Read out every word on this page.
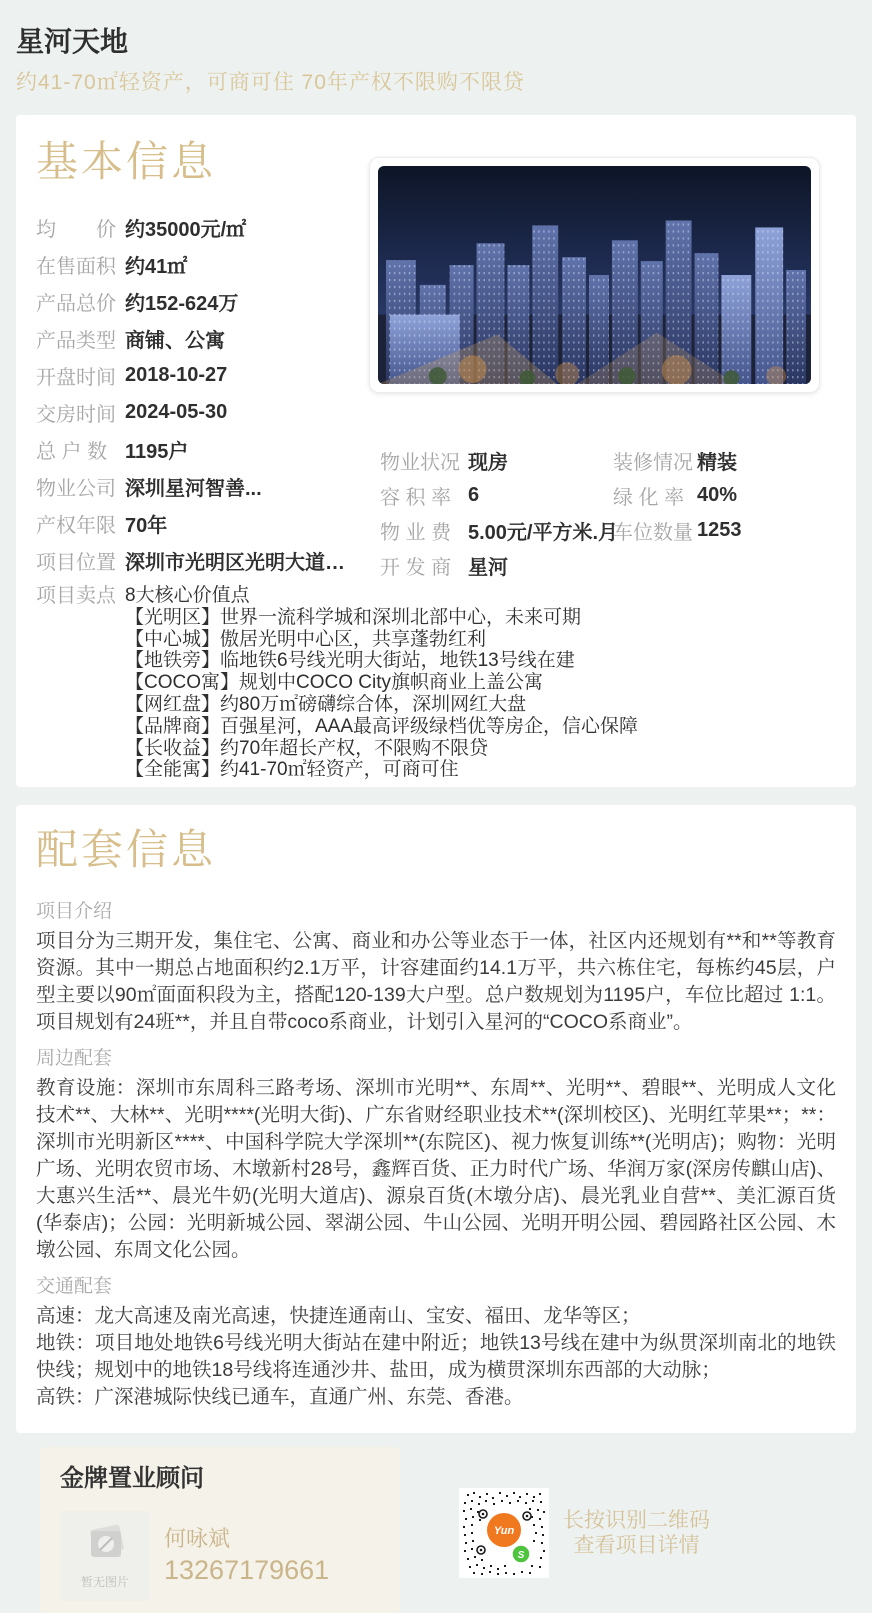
星河天地
约41-70㎡轻资产，可商可住 70年产权不限购不限贷
基本信息
均　　价 约35000元/㎡
在售面积 约41㎡
产品总价 约152-624万
产品类型 商铺、公寓
开盘时间 2018-10-27
交房时间 2024-05-30
总 户 数 1195户
物业公司 深圳星河智善...
产权年限 70年
项目位置 深圳市光明区光明大道…
物业状况 现房	装修情况 精装
容 积 率 6	绿 化 率 40%
物 业 费 5.00元/平方米.月
车位数量 1253
开 发 商 星河
项目卖点 8大核心价值点
【光明区】世界一流科学城和深圳北部中心，未来可期
【中心城】傲居光明中心区，共享蓬勃红利
【地铁旁】临地铁6号线光明大街站，地铁13号线在建
【COCO寓】规划中COCO City旗帜商业上盖公寓
【网红盘】约80万㎡磅礴综合体，深圳网红大盘
【品牌商】百强星河，AAA最高评级绿档优等房企，信心保障
【长收益】约70年超长产权，不限购不限贷
【全能寓】约41-70㎡轻资产，可商可住
配套信息
项目介绍

项目分为三期开发，集住宅、公寓、商业和办公等业态于一体，社区内还规划有**和**等教育资源。其中一期总占地面积约2.1万平，计容建面约14.1万平，共六栋住宅，每栋约45层，户型主要以90㎡面面积段为主，搭配120-139大户型。总户数规划为1195户，车位比超过 1:1。项目规划有24班**，并且自带coco系商业，计划引入星河的“COCO系商业”。

周边配套

教育设施：深圳市东周科三路考场、深圳市光明**、东周**、光明**、碧眼**、光明成人文化技术**、大林**、光明****(光明大街)、广东省财经职业技术**(深圳校区)、光明红苹果**；**：深圳市光明新区****、中国科学院大学深圳**(东院区)、视力恢复训练**(光明店)；购物：光明广场、光明农贸市场、木墩新村28号，鑫辉百货、正力时代广场、华润万家(深房传麒山店)、大惠兴生活**、晨光牛奶(光明大道店)、源泉百货(木墩分店)、晨光乳业自营**、美汇源百货(华泰店)；公园：光明新城公园、翠湖公园、牛山公园、光明开明公园、碧园路社区公园、木墩公园、东周文化公园。

交通配套
高速：龙大高速及南光高速，快捷连通南山、宝安、福田、龙华等区；
地铁：项目地处地铁6号线光明大街站在建中附近；地铁13号线在建中为纵贯深圳南北的地铁快线；规划中的地铁18号线将连通沙井、盐田，成为横贯深圳东西部的大动脉；
高铁：广深港城际快线已通车，直通广州、东莞、香港。
金牌置业顾问
暂无图片
何咏斌
13267179661
Yun
S
长按识别二维码
查看项目详情
